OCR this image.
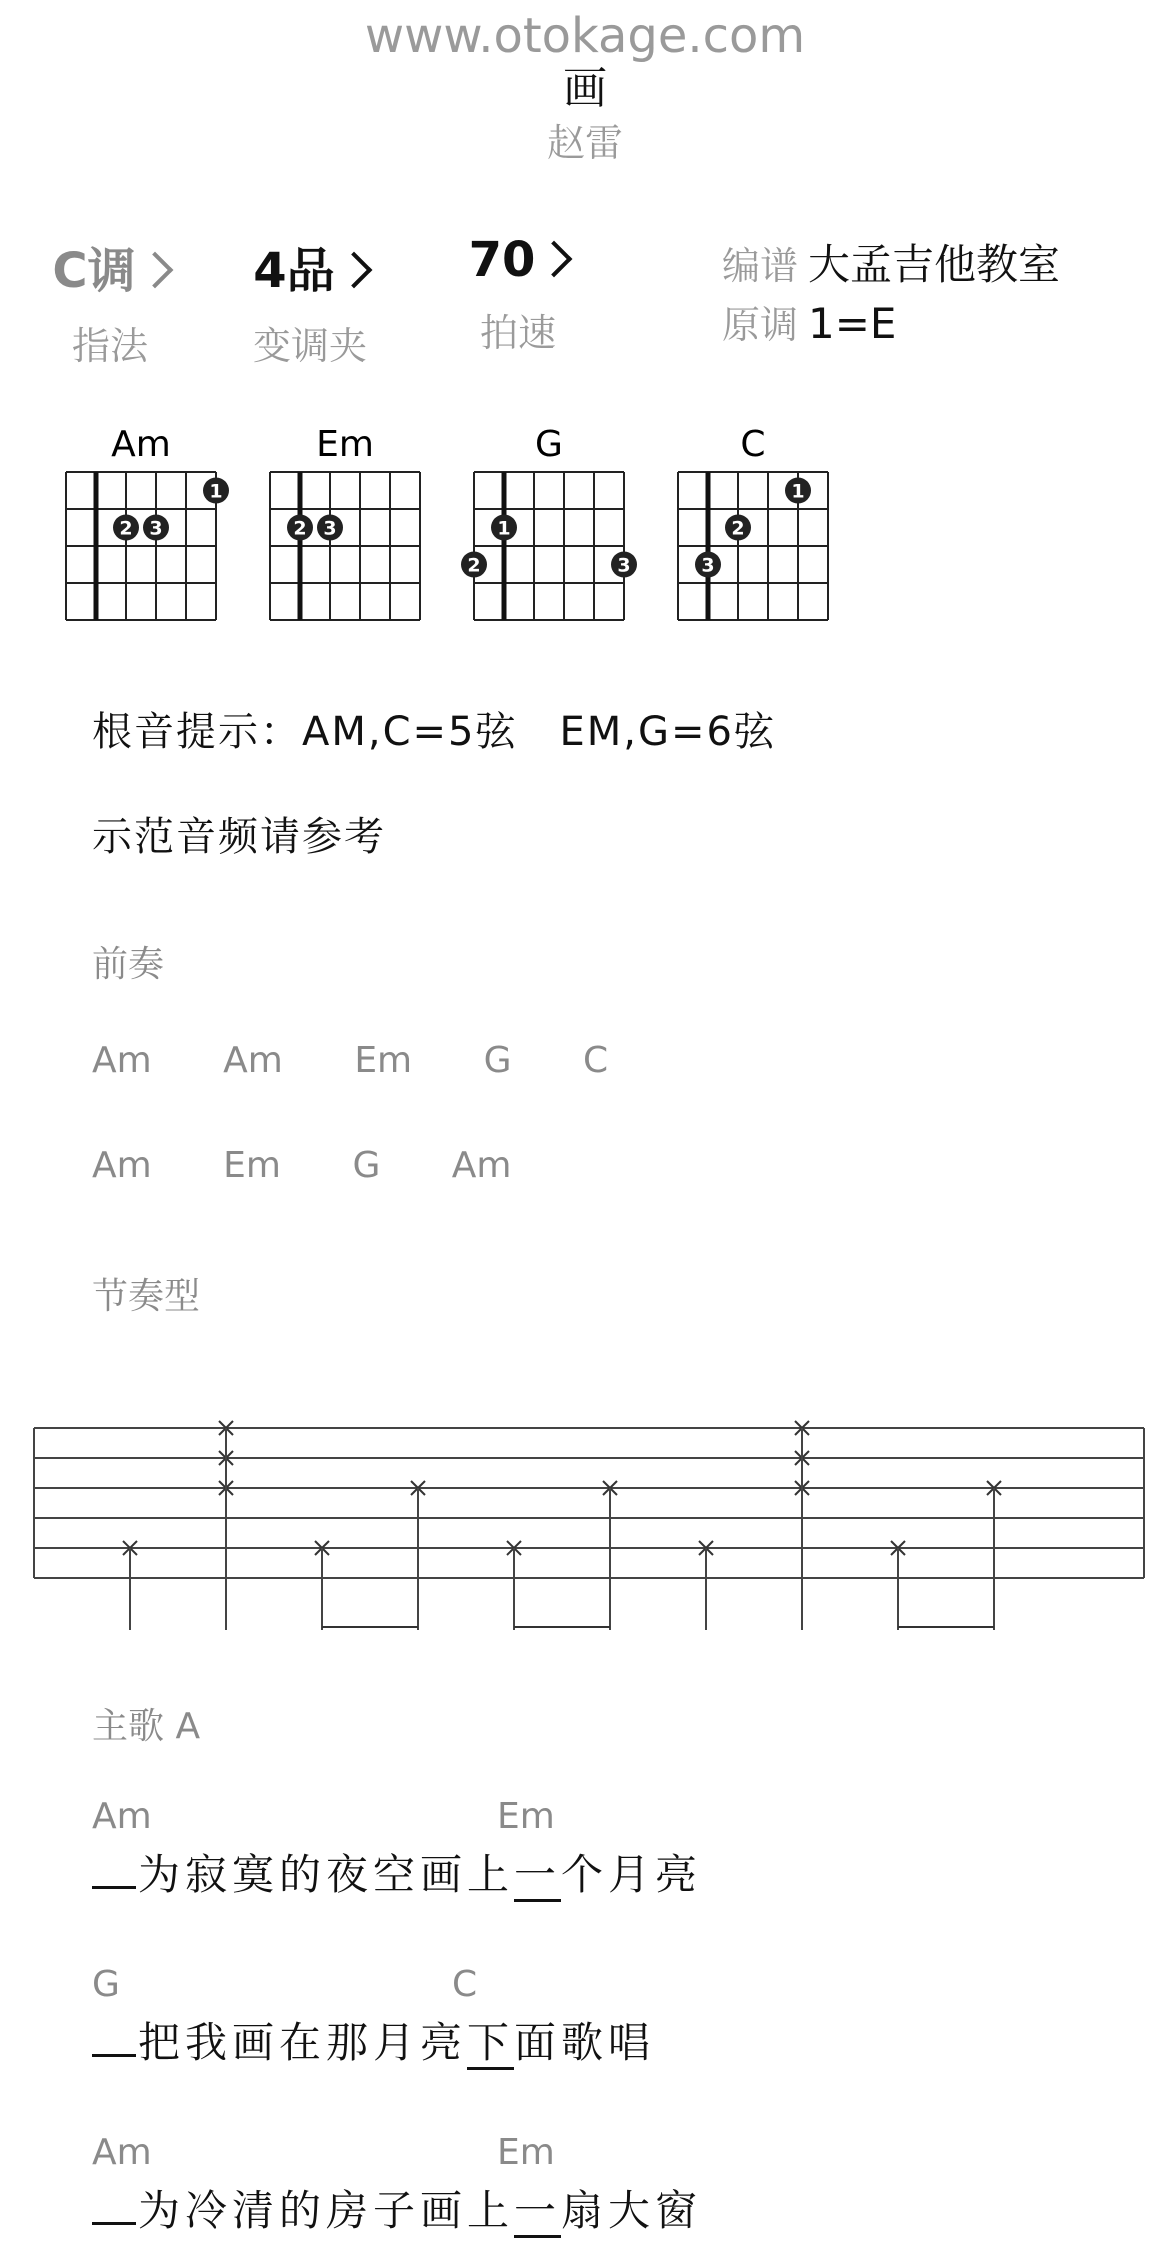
www.otokage.com
画
赵雷
C调
指法
4品
变调夹
70
拍速
编谱 大孟吉他教室
原调 1=E
Am	Em	G	C
1
2 3	2 3	1
2	3
1
2
3
根音提示：AM,C=5弦　EM,G=6弦
示范音频请参考
前奏
Am Am Em G C
Am Em G Am
节奏型
主歌 A
Am	Em
为寂寞的夜空画上一个月亮
G	C
把我画在那月亮下面歌唱
Am	Em
为冷清的房子画上一扇大窗
